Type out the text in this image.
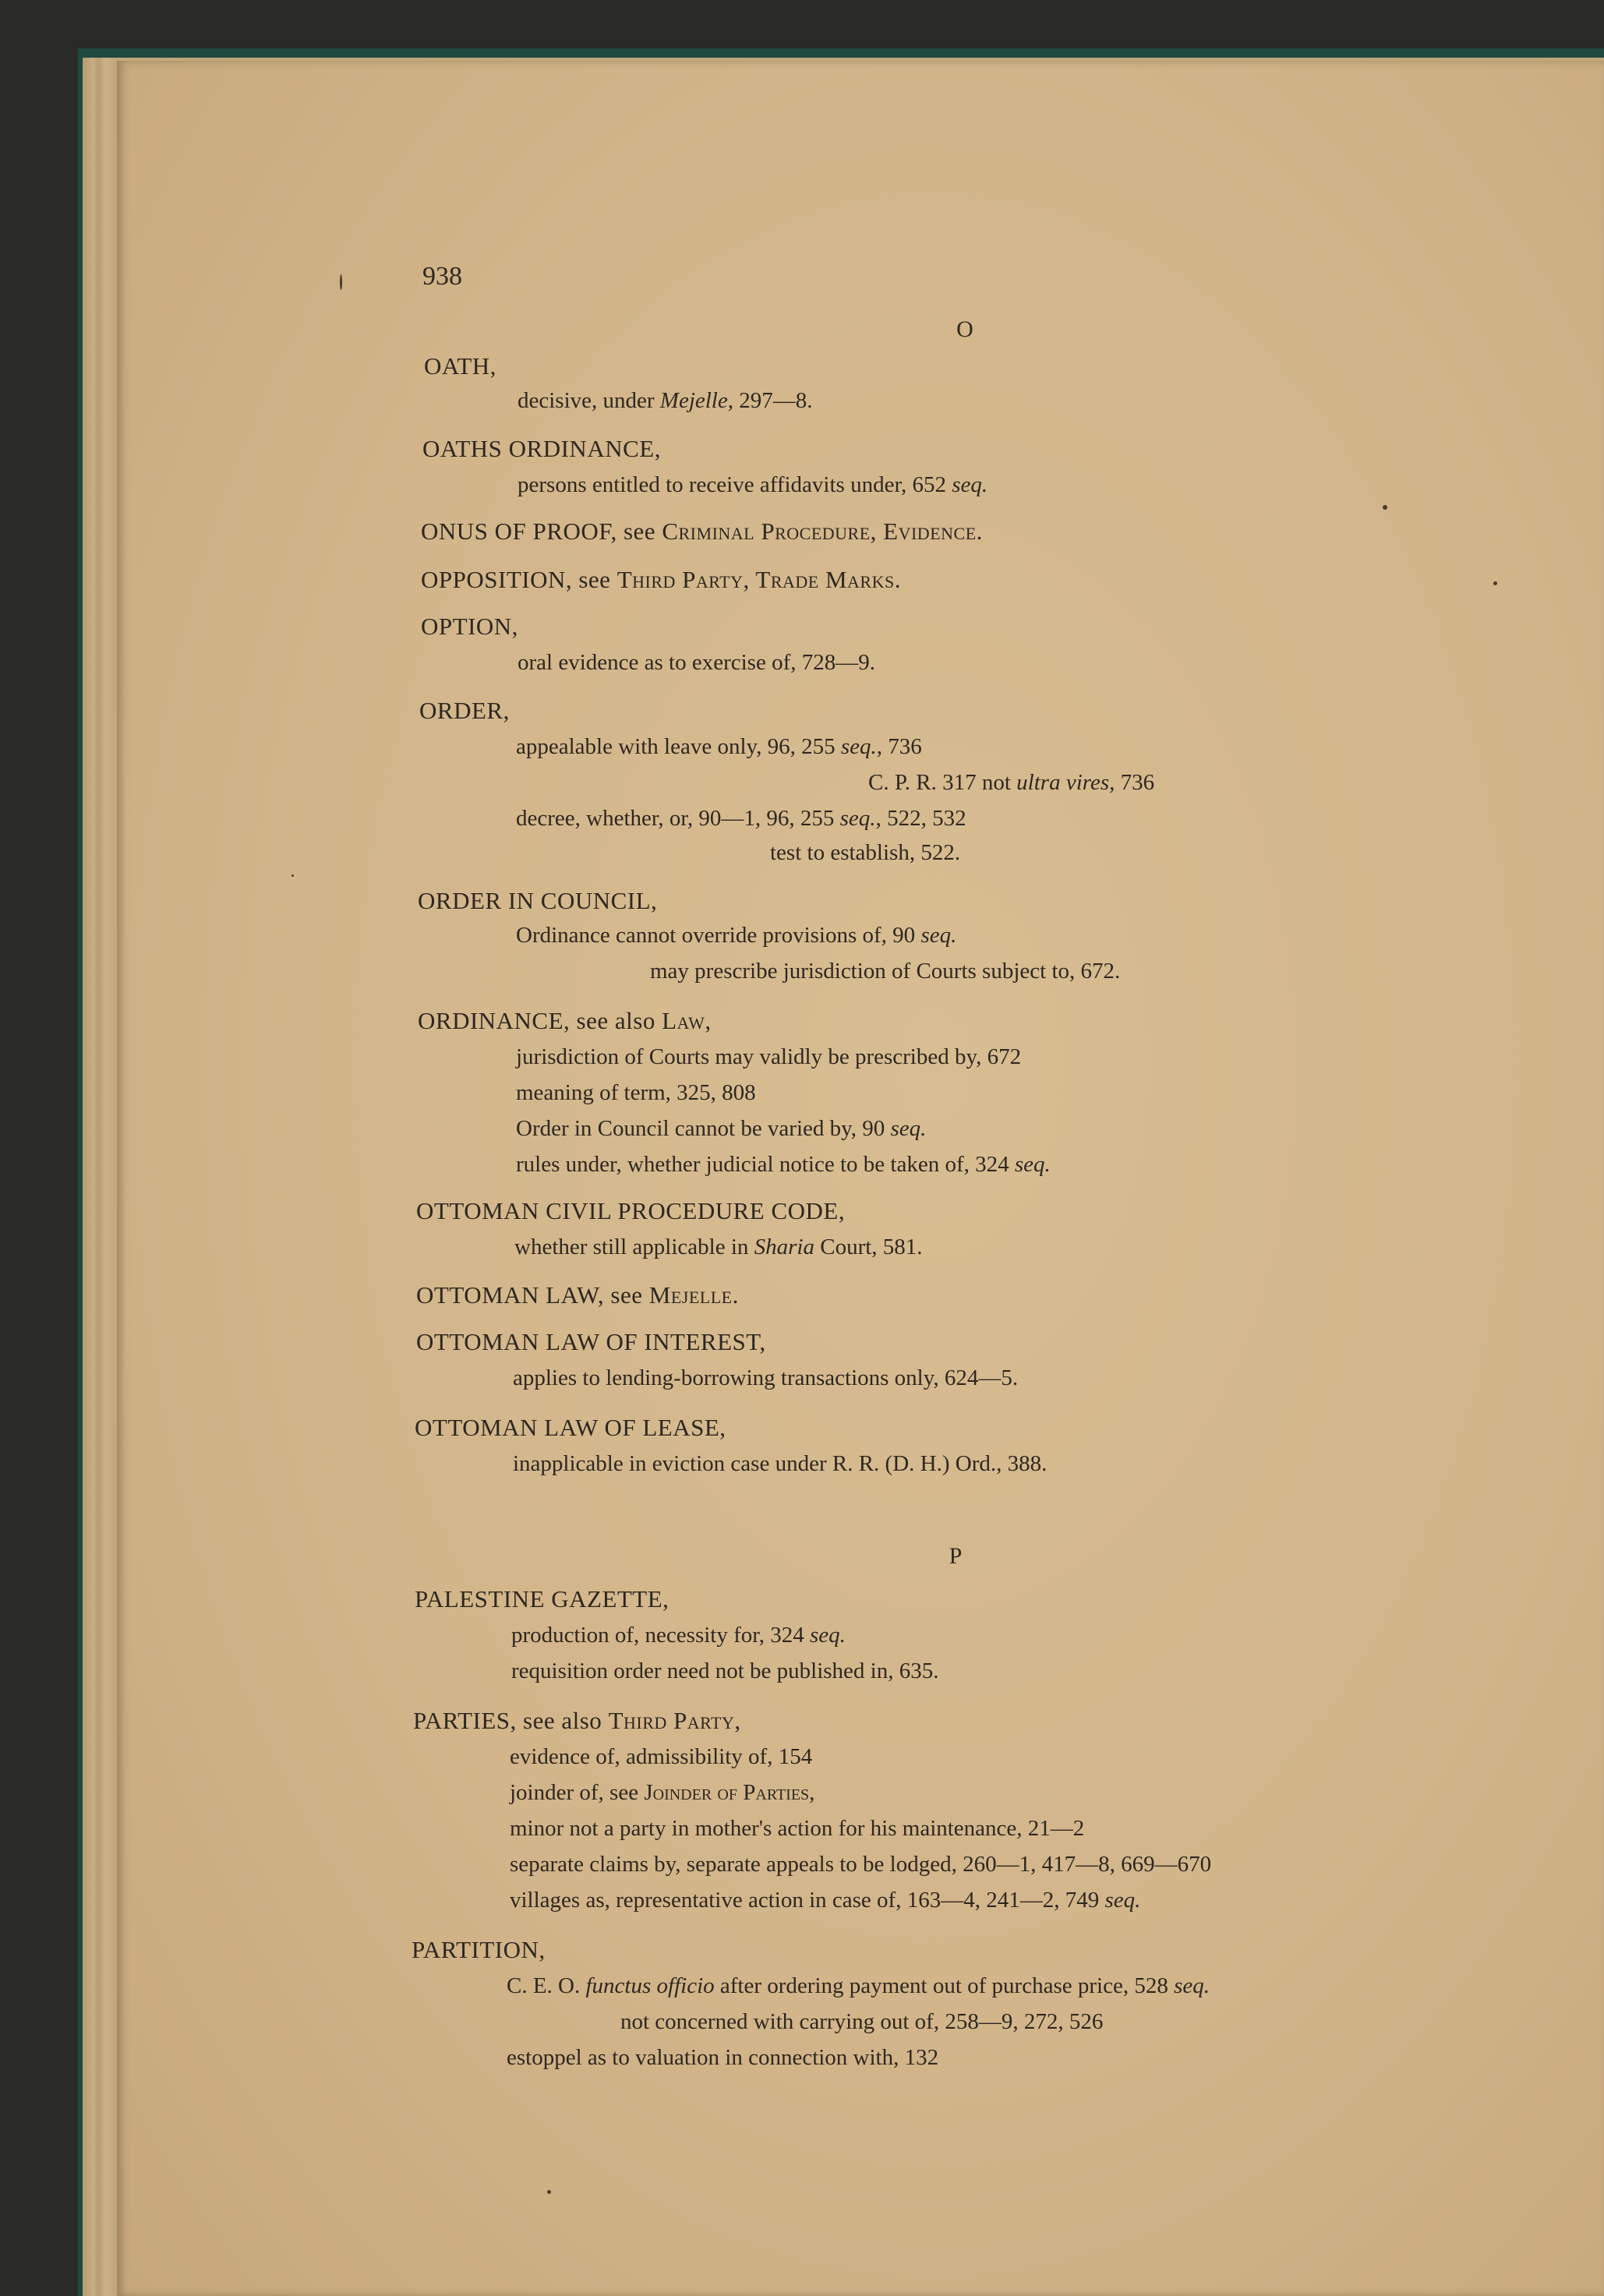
938
O
OATH,
decisive, under Mejelle, 297—8.
OATHS ORDINANCE,
persons entitled to receive affidavits under, 652 seq.
ONUS OF PROOF, see Criminal Procedure, Evidence.
OPPOSITION, see Third Party, Trade Marks.
OPTION,
oral evidence as to exercise of, 728—9.
ORDER,
appealable with leave only, 96, 255 seq., 736
C. P. R. 317 not ultra vires, 736
decree, whether, or, 90—1, 96, 255 seq., 522, 532
test to establish, 522.
ORDER IN COUNCIL,
Ordinance cannot override provisions of, 90 seq.
may prescribe jurisdiction of Courts subject to, 672.
ORDINANCE, see also Law,
jurisdiction of Courts may validly be prescribed by, 672
meaning of term, 325, 808
Order in Council cannot be varied by, 90 seq.
rules under, whether judicial notice to be taken of, 324 seq.
OTTOMAN CIVIL PROCEDURE CODE,
whether still applicable in Sharia Court, 581.
OTTOMAN LAW, see Mejelle.
OTTOMAN LAW OF INTEREST,
applies to lending-borrowing transactions only, 624—5.
OTTOMAN LAW OF LEASE,
inapplicable in eviction case under R. R. (D. H.) Ord., 388.
P
PALESTINE GAZETTE,
production of, necessity for, 324 seq.
requisition order need not be published in, 635.
PARTIES, see also Third Party,
evidence of, admissibility of, 154
joinder of, see Joinder of Parties,
minor not a party in mother's action for his maintenance, 21—2
separate claims by, separate appeals to be lodged, 260—1, 417—8, 669—670
villages as, representative action in case of, 163—4, 241—2, 749 seq.
PARTITION,
C. E. O. functus officio after ordering payment out of purchase price, 528 seq.
not concerned with carrying out of, 258—9, 272, 526
estoppel as to valuation in connection with, 132
